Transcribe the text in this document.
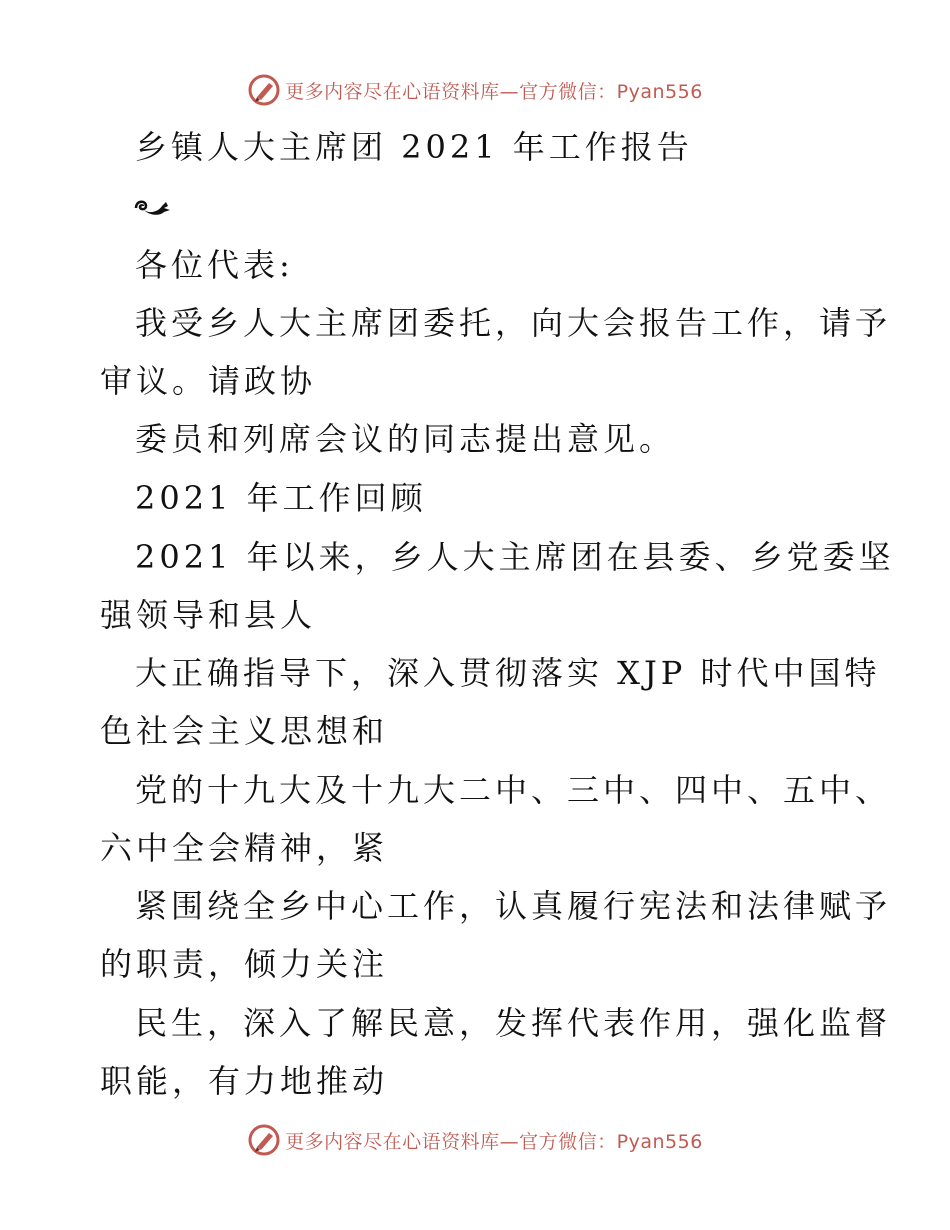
更多内容尽在心语资料库—官方微信：Pyan556
乡镇人大主席团 2021 年工作报告
各位代表:
我受乡人大主席团委托，向大会报告工作，请予
审议。请政协
委员和列席会议的同志提出意见。
2021 年工作回顾
2021 年以来，乡人大主席团在县委、乡党委坚
强领导和县人
大正确指导下，深入贯彻落实 XJP 时代中国特
色社会主义思想和
党的十九大及十九大二中、三中、四中、五中、
六中全会精神，紧
紧围绕全乡中心工作，认真履行宪法和法律赋予
的职责，倾力关注
民生，深入了解民意，发挥代表作用，强化监督
职能，有力地推动
更多内容尽在心语资料库—官方微信：Pyan556
